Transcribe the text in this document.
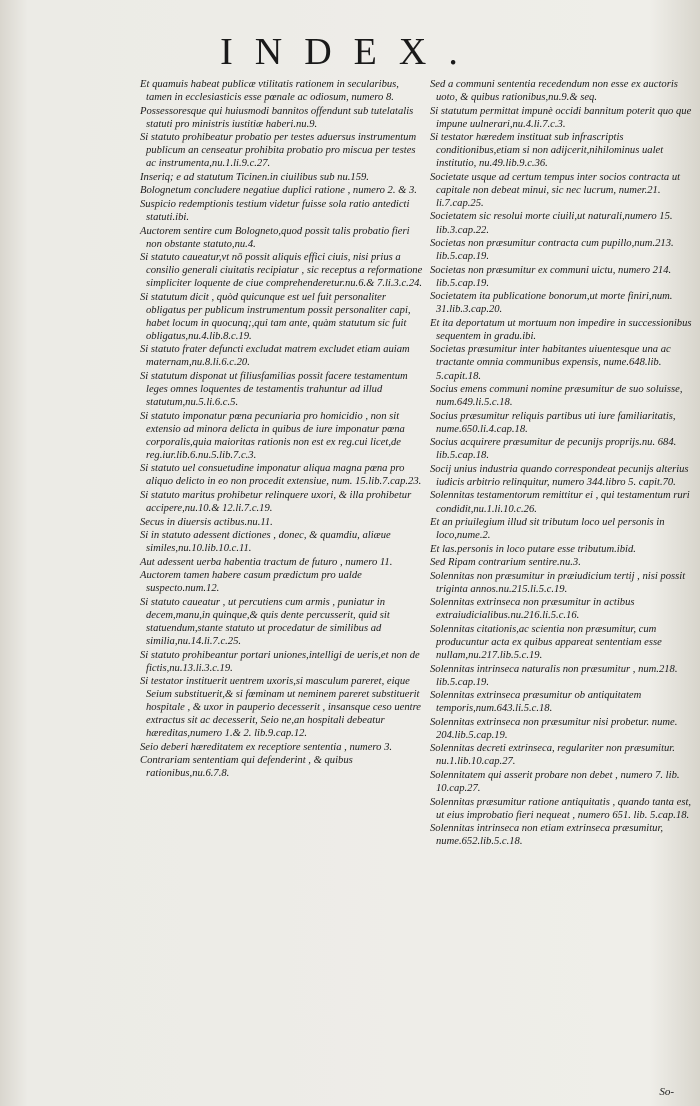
INDEX.
Et quamuis habeat publicæ vtilitatis rationem in secularibus, tamen in ecclesiasticis esse pœnale ac odiosum, numero 8.
Possessoresque qui huiusmodi bannitos offendunt sub tutelatalis statuti pro ministris iustitiæ haberi.nu.9.
Si statuto prohibeatur probatio per testes aduersus instrumentum publicum an censeatur prohibita probatio pro miscua per testes ac instrumenta,nu.1.li.9.c.27.
Inseriq; e ad statutum Ticinen.in ciuilibus sub nu.159.
Bolognetum concludere negatiue duplici ratione , numero 2. & 3.
Suspicio redemptionis testium videtur fuisse sola ratio antedicti statuti.ibi.
Auctorem sentire cum Bologneto,quod possit talis probatio fieri non obstante statuto,nu.4.
Si statuto caueatur,vt nō possit aliquis effici ciuis, nisi prius a consilio generali ciuitatis recipiatur , sic receptus a reformatione simpliciter loquente de ciue comprehenderetur.nu.6.& 7.li.3.c.24.
Si statutum dicit , quòd quicunque est uel fuit personaliter obligatus per publicum instrumentum possit personaliter capi, habet locum in quocunq;,qui tam ante, quàm statutum sic fuit obligatus,nu.4.lib.8.c.19.
Si statuto frater defuncti excludat matrem excludet etiam auiam maternam,nu.8.li.6.c.20.
Si statutum disponat ut filiusfamilias possit facere testamentum leges omnes loquentes de testamentis trahuntur ad illud statutum,nu.5.li.6.c.5.
Si statuto imponatur pœna pecuniaria pro homicidio , non sit extensio ad minora delicta in quibus de iure imponatur pœna corporalis,quia maioritas rationis non est ex reg.cui licet,de reg.iur.lib.6.nu.5.lib.7.c.3.
Si statuto uel consuetudine imponatur aliqua magna pœna pro aliquo delicto in eo non procedit extensiue, num. 15.lib.7.cap.23.
Si statuto maritus prohibetur relinquere uxori, & illa prohibetur accipere,nu.10.& 12.li.7.c.19.
Secus in diuersis actibus.nu.11.
Si in statuto adessent dictiones , donec, & quamdiu, aliæue similes,nu.10.lib.10.c.11.
Aut adessent uerba habentia tractum de futuro , numero 11.
Auctorem tamen habere casum prædictum pro ualde suspecto.num.12.
Si statuto caueatur , ut percutiens cum armis , puniatur in decem,manu,in quinque,& quis dente percusserit, quid sit statuendum,stante statuto ut procedatur de similibus ad similia,nu.14.li.7.c.25.
Si statuto prohibeantur portari uniones,intelligi de ueris,et non de fictis,nu.13.li.3.c.19.
Si testator instituerit uentrem uxoris,si masculum pareret, eique Seium substituerit,& si fœminam ut neminem pareret substituerit hospitale , & uxor in pauperio decesserit , insansque ceso uentre extractus sit ac decesserit, Seio ne,an hospitali debeatur hæreditas,numero 1.& 2. lib.9.cap.12.
Seio deberi hæreditatem ex receptiore sententia , numero 3.
Contrariam sententiam qui defenderint , & quibus rationibus,nu.6.7.8.
Sed a communi sententia recedendum non esse ex auctoris uoto, & quibus rationibus,nu.9.& seq.
Si statutum permittat impunè occidi bannitum poterit quo que impune uulnerari,nu.4.li.7.c.3.
Si testator hæredem instituat sub infrascriptis conditionibus,etiam si non adijcerit,nihilominus ualet institutio, nu.49.lib.9.c.36.
Societate usque ad certum tempus inter socios contracta ut capitale non debeat minui, sic nec lucrum, numer.21. li.7.cap.25.
Societatem sic resolui morte ciuili,ut naturali,numero 15. lib.3.cap.22.
Societas non præsumitur contracta cum pupillo,num.213. lib.5.cap.19.
Societas non præsumitur ex communi uictu, numero 214. lib.5.cap.19.
Societatem ita publicatione bonorum,ut morte finiri,num. 31.lib.3.cap.20.
Et ita deportatum ut mortuum non impedire in successionibus sequentem in gradu.ibi.
Societas præsumitur inter habitantes uiuentesque una ac tractante omnia communibus expensis, nume.648.lib. 5.capit.18.
Socius emens communi nomine præsumitur de suo soluisse, num.649.li.5.c.18.
Socius præsumitur reliquis partibus uti iure familiaritatis, nume.650.li.4.cap.18.
Socius acquirere præsumitur de pecunijs proprijs.nu. 684. lib.5.cap.18.
Socij unius industria quando correspondeat pecunijs alterius iudicis arbitrio relinquitur, numero 344.libro 5. capit.70.
Solennitas testamentorum remittitur ei , qui testamentum ruri condidit,nu.1.li.10.c.26.
Et an priuilegium illud sit tributum loco uel personis in loco,nume.2.
Et las.personis in loco putare esse tributum.ibid.
Sed Ripam contrarium sentire.nu.3.
Solennitas non præsumitur in præiudicium tertij , nisi possit triginta annos.nu.215.li.5.c.19.
Solennitas extrinseca non præsumitur in actibus extraiudicialibus.nu.216.li.5.c.16.
Solennitas citationis,ac scientia non præsumitur, cum producuntur acta ex quibus appareat sententiam esse nullam,nu.217.lib.5.c.19.
Solennitas intrinseca naturalis non præsumitur , num.218. lib.5.cap.19.
Solennitas extrinseca præsumitur ob antiquitatem temporis,num.643.li.5.c.18.
Solennitas extrinseca non præsumitur nisi probetur. nume. 204.lib.5.cap.19.
Solennitas decreti extrinseca, regulariter non præsumitur. nu.1.lib.10.cap.27.
Solennitatem qui asserit probare non debet , numero 7. lib. 10.cap.27.
Solennitas præsumitur ratione antiquitatis , quando tanta est, ut eius improbatio fieri nequeat , numero 651. lib. 5.cap.18.
Solennitas intrinseca non etiam extrinseca præsumitur, nume.652.lib.5.c.18.
So-
